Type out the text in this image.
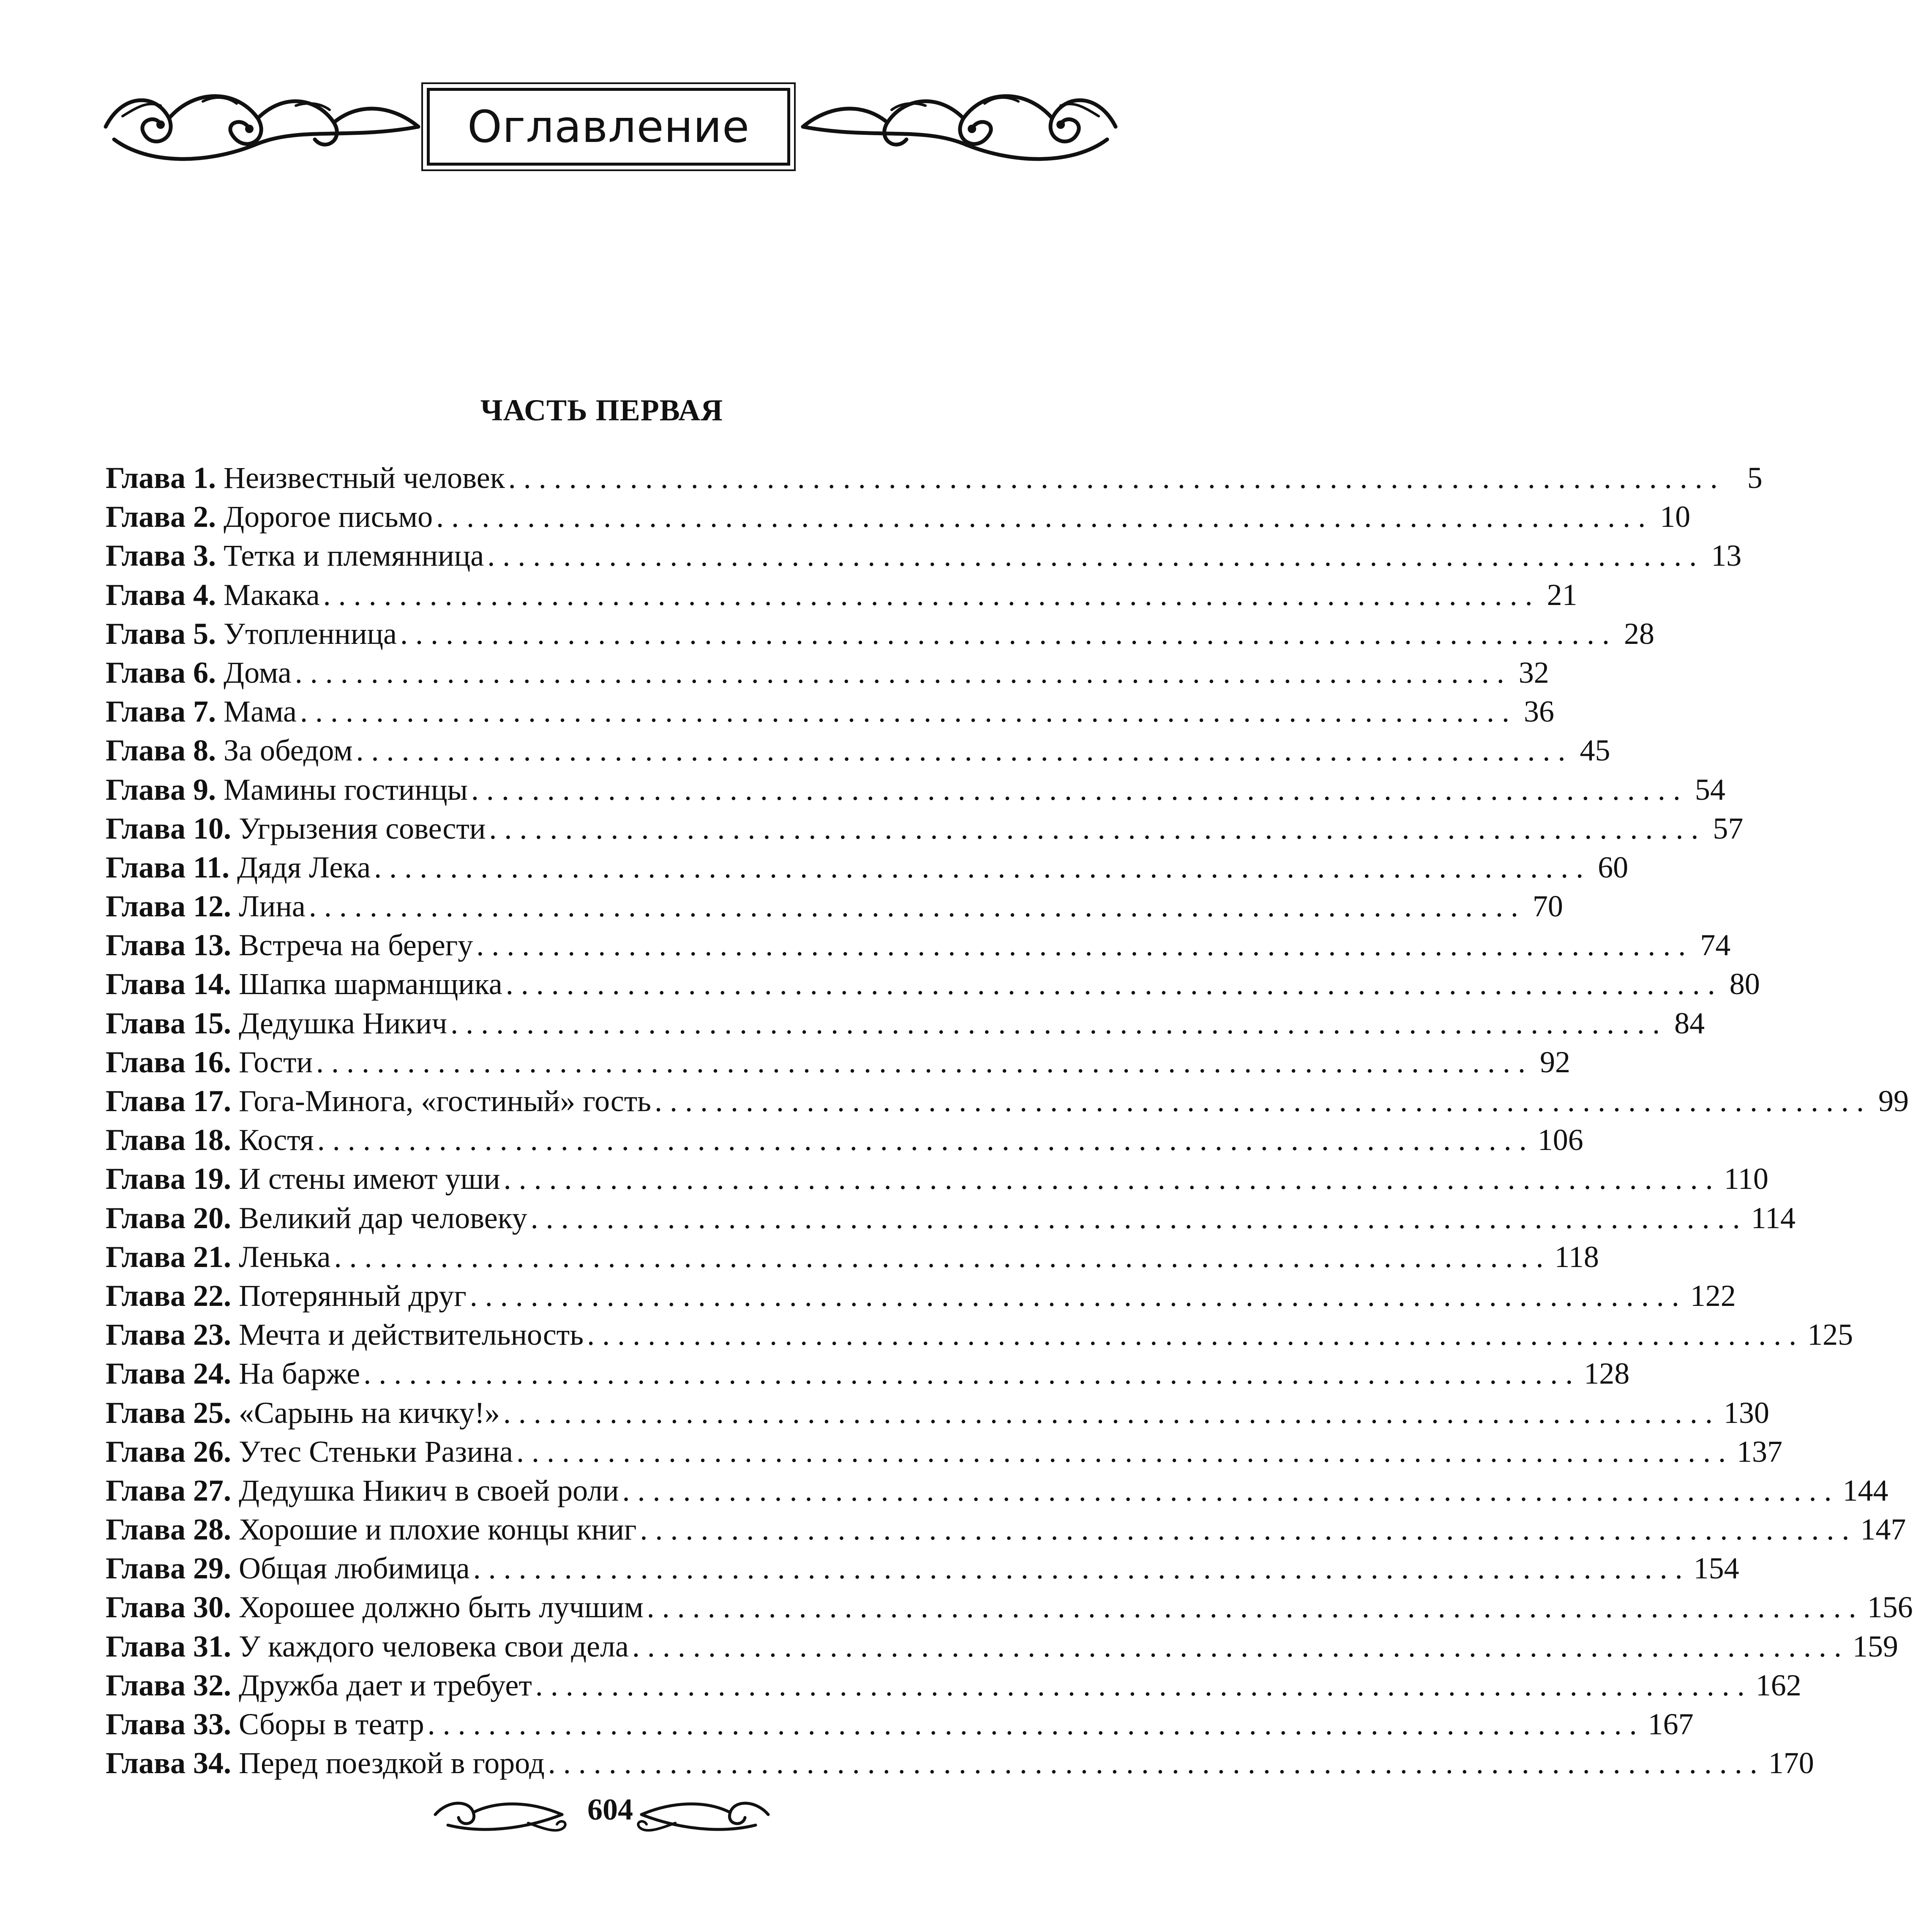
Оглавление
ЧАСТЬ ПЕРВАЯ
Глава 1. Неизвестный человек ................................................................................ 5
Глава 2. Дорогое письмо ................................................................................ 10
Глава 3. Тетка и племянница ................................................................................ 13
Глава 4. Макака ................................................................................ 21
Глава 5. Утопленница ................................................................................ 28
Глава 6. Дома ................................................................................ 32
Глава 7. Мама ................................................................................ 36
Глава 8. За обедом ................................................................................ 45
Глава 9. Мамины гостинцы ................................................................................ 54
Глава 10. Угрызения совести ................................................................................ 57
Глава 11. Дядя Лека ................................................................................ 60
Глава 12. Лина ................................................................................ 70
Глава 13. Встреча на берегу ................................................................................ 74
Глава 14. Шапка шарманщика ................................................................................ 80
Глава 15. Дедушка Никич ................................................................................ 84
Глава 16. Гости ................................................................................ 92
Глава 17. Гога-Минога, «гостиный» гость ................................................................................ 99
Глава 18. Костя ................................................................................ 106
Глава 19. И стены имеют уши ................................................................................ 110
Глава 20. Великий дар человеку ................................................................................ 114
Глава 21. Ленька ................................................................................ 118
Глава 22. Потерянный друг ................................................................................ 122
Глава 23. Мечта и действительность ................................................................................ 125
Глава 24. На барже ................................................................................ 128
Глава 25. «Сарынь на кичку!» ................................................................................ 130
Глава 26. Утес Стеньки Разина ................................................................................ 137
Глава 27. Дедушка Никич в своей роли ................................................................................ 144
Глава 28. Хорошие и плохие концы книг ................................................................................ 147
Глава 29. Общая любимица ................................................................................ 154
Глава 30. Хорошее должно быть лучшим ................................................................................ 156
Глава 31. У каждого человека свои дела ................................................................................ 159
Глава 32. Дружба дает и требует ................................................................................ 162
Глава 33. Сборы в театр ................................................................................ 167
Глава 34. Перед поездкой в город ................................................................................ 170
604
